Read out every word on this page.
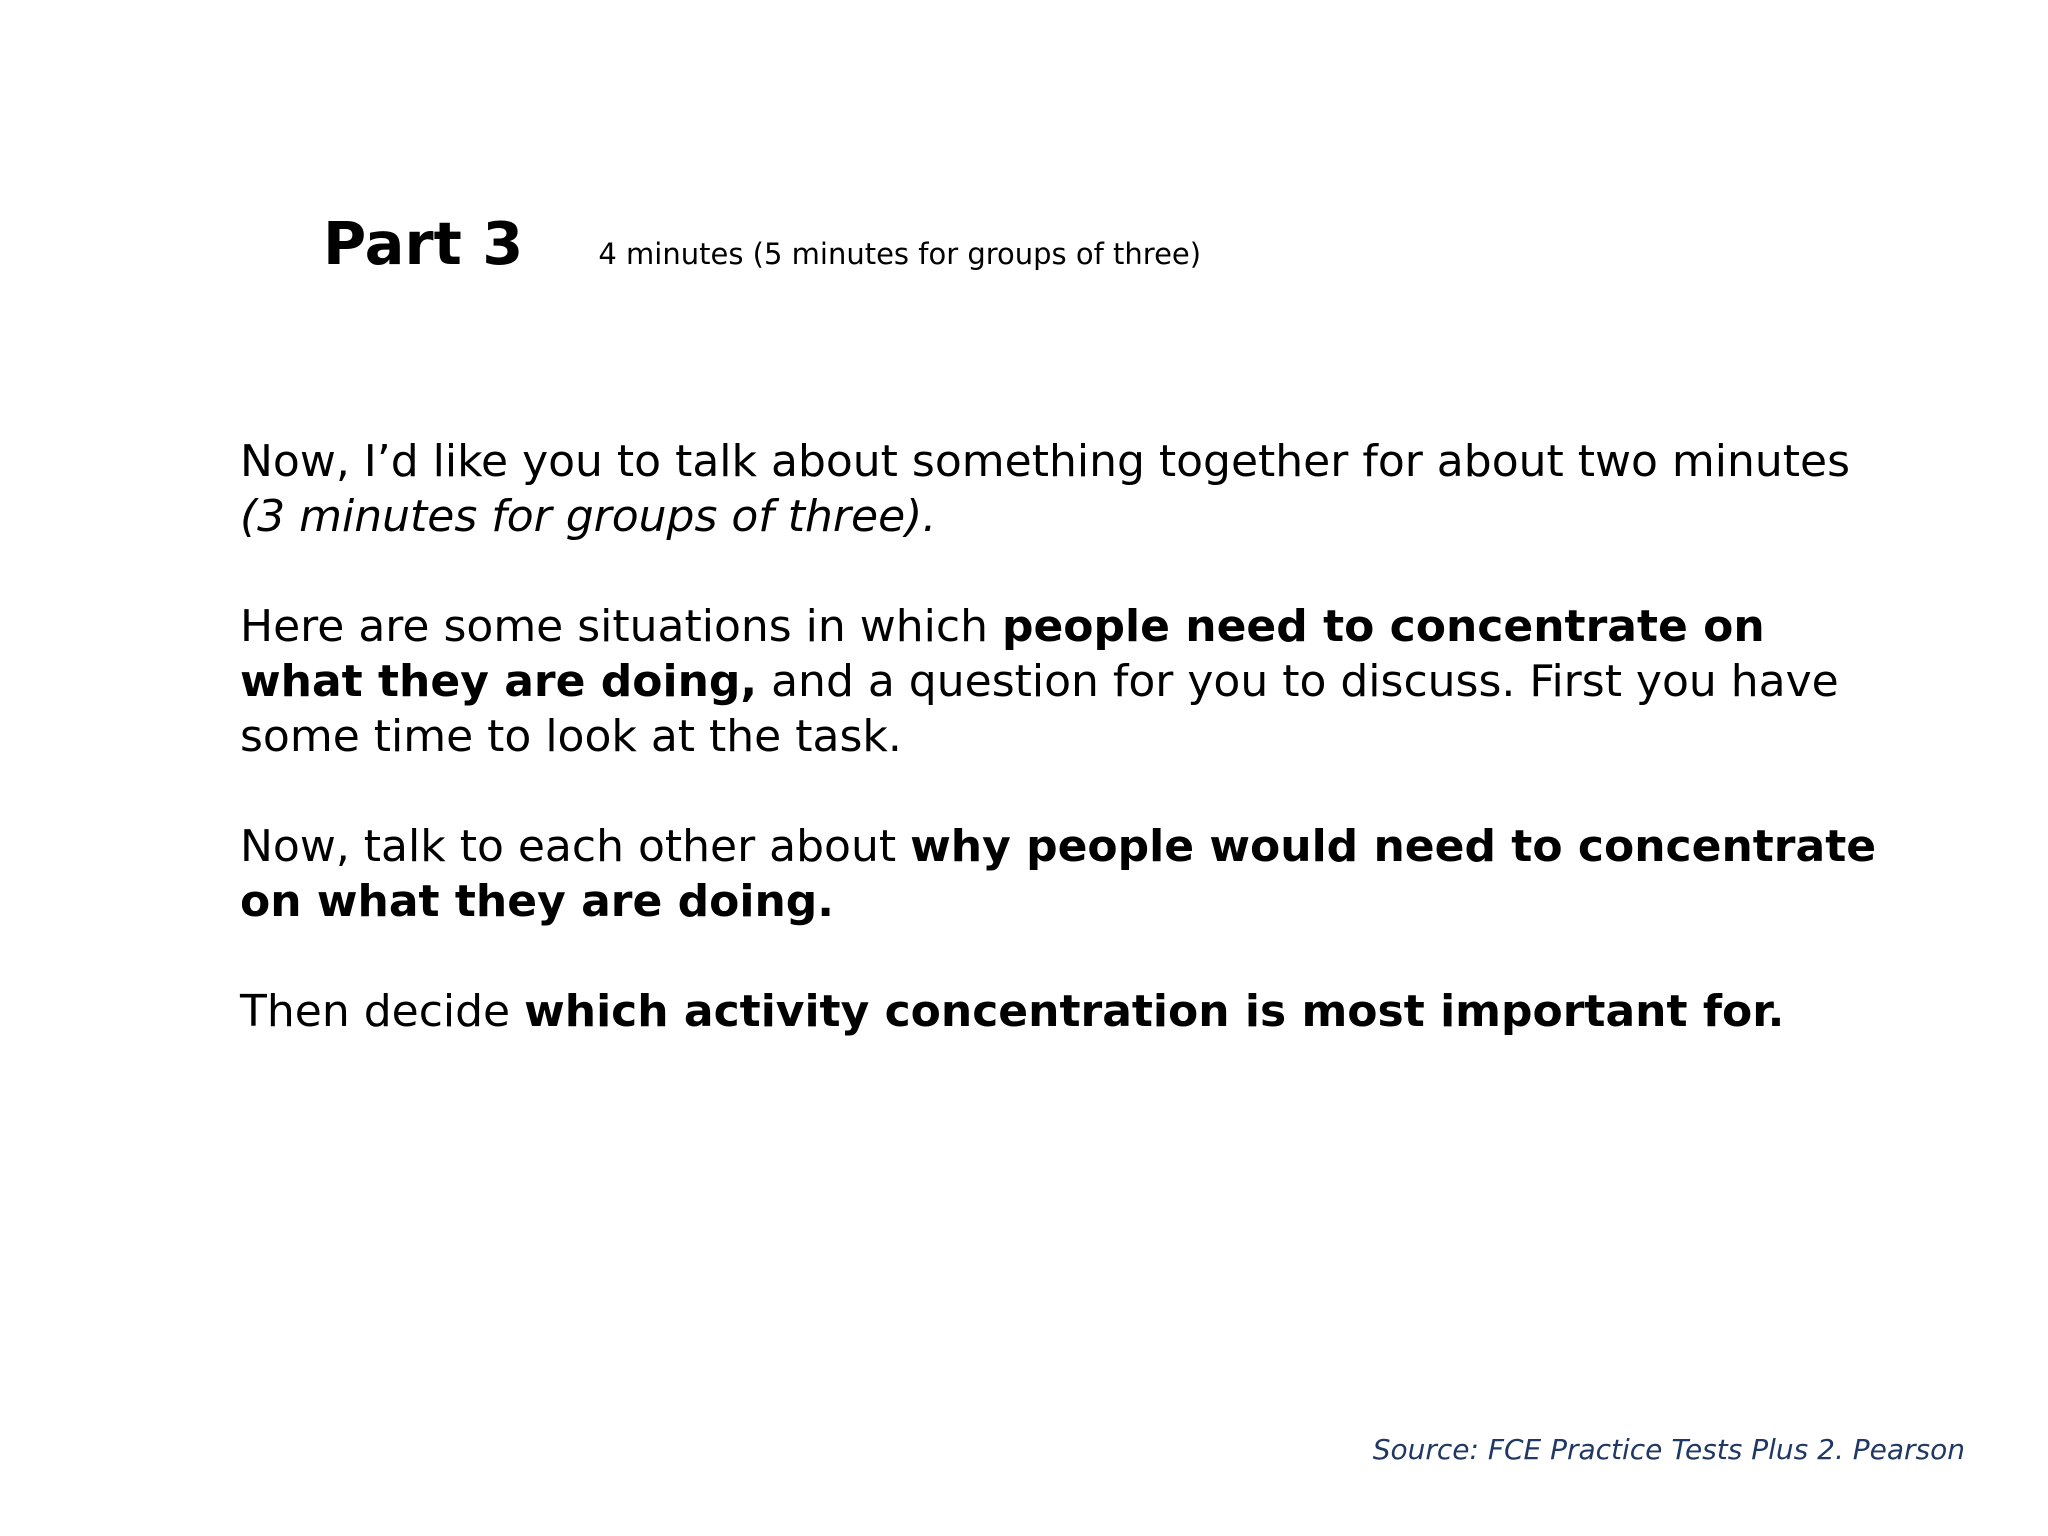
Part 3	4 minutes (5 minutes for groups of three)

Now, I’d like you to talk about something together for about two minutes (3 minutes for groups of three).

Here are some situations in which people need to concentrate on what they are doing, and a question for you to discuss. First you have some time to look at the task.

Now, talk to each other about why people would need to concentrate on what they are doing.

Then decide which activity concentration is most important for.

Source: FCE Practice Tests Plus 2. Pearson
